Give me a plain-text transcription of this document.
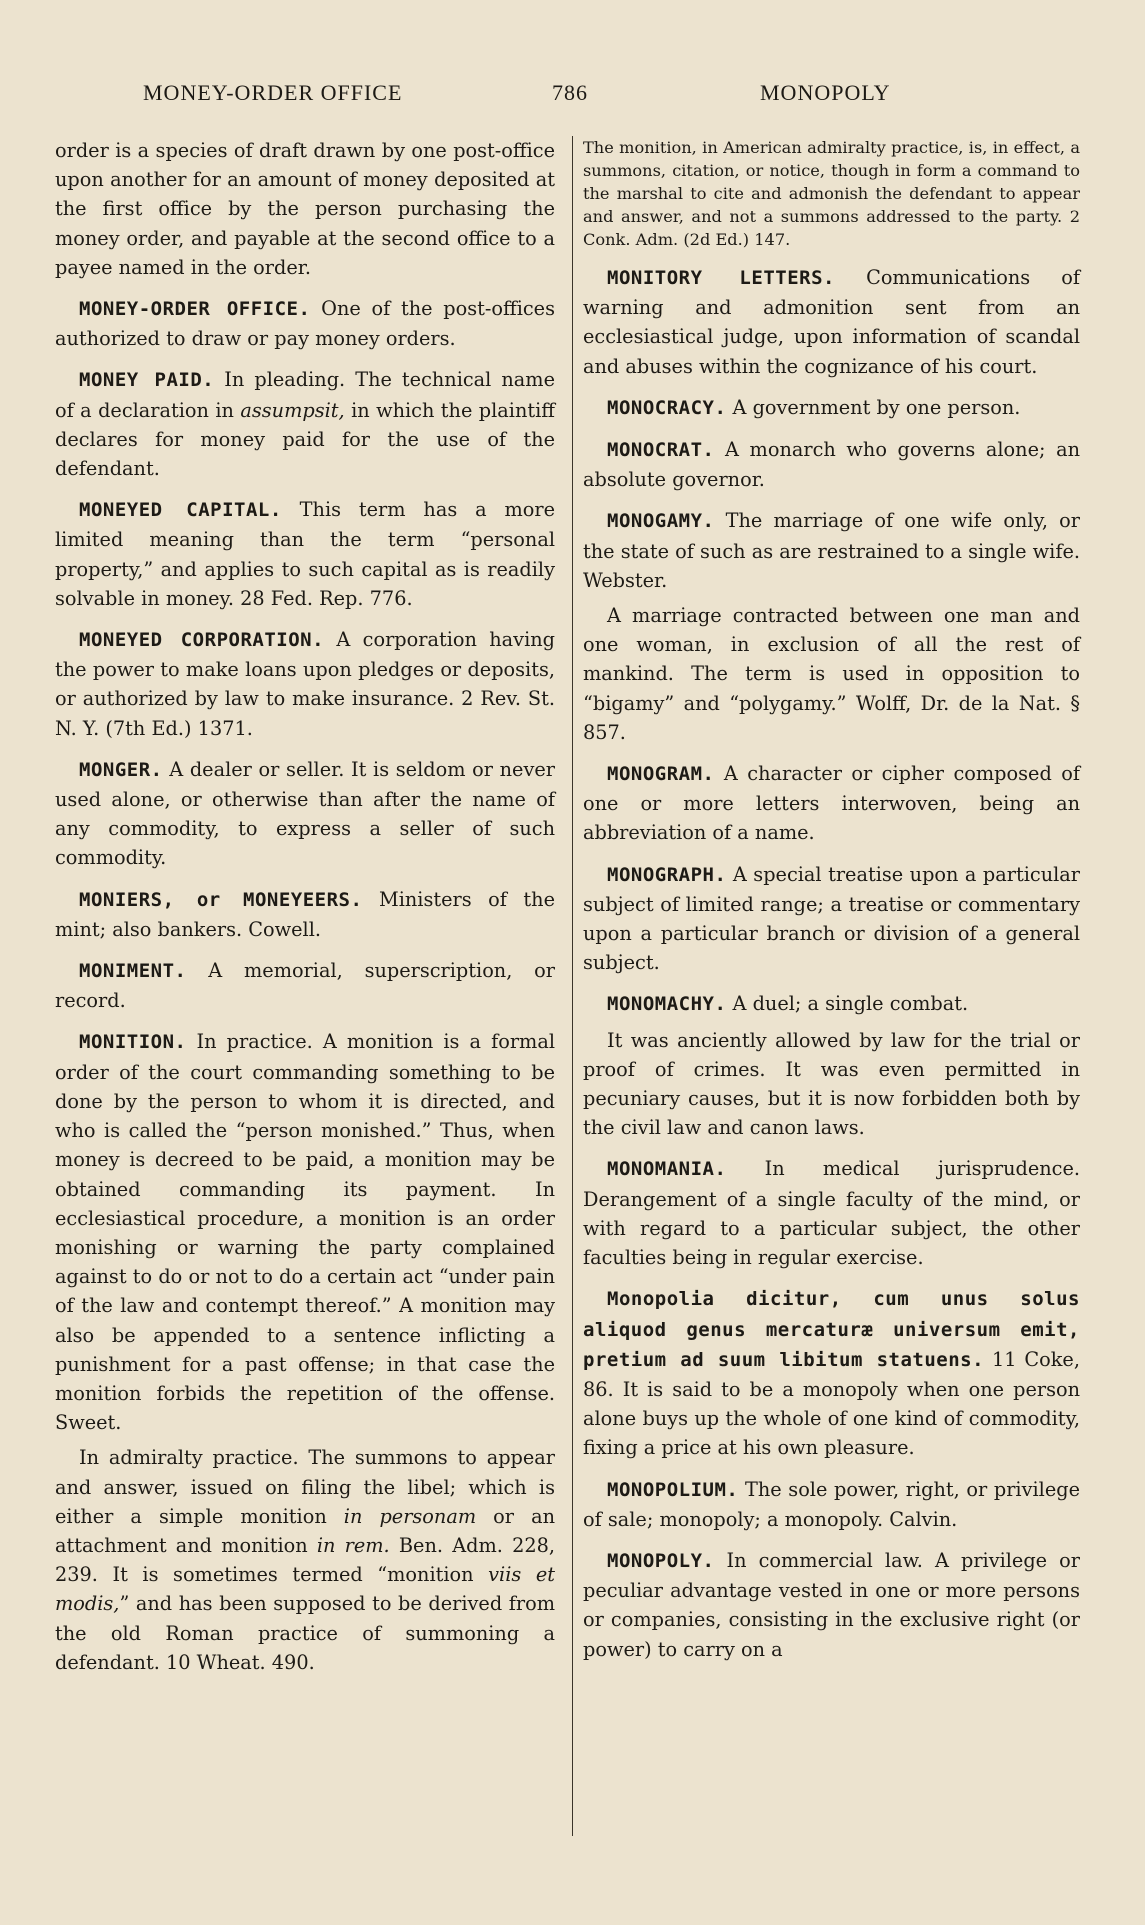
MONEY-ORDER OFFICE	786	MONOPOLY

order is a species of draft drawn by one post-office upon another for an amount of money deposited at the first office by the person purchasing the money order, and payable at the second office to a payee named in the order.

MONEY-ORDER OFFICE. One of the post-offices authorized to draw or pay money orders.

MONEY PAID. In pleading. The technical name of a declaration in assumpsit, in which the plaintiff declares for money paid for the use of the defendant.

MONEYED CAPITAL. This term has a more limited meaning than the term “personal property,” and applies to such capital as is readily solvable in money. 28 Fed. Rep. 776.

MONEYED CORPORATION. A corporation having the power to make loans upon pledges or deposits, or authorized by law to make insurance. 2 Rev. St. N. Y. (7th Ed.) 1371.

MONGER. A dealer or seller. It is seldom or never used alone, or otherwise than after the name of any commodity, to express a seller of such commodity.

MONIERS, or MONEYEERS. Ministers of the mint; also bankers. Cowell.

MONIMENT. A memorial, superscription, or record.

MONITION. In practice. A monition is a formal order of the court commanding something to be done by the person to whom it is directed, and who is called the “person monished.” Thus, when money is decreed to be paid, a monition may be obtained commanding its payment. In ecclesiastical procedure, a monition is an order monishing or warning the party complained against to do or not to do a certain act “under pain of the law and contempt thereof.” A monition may also be appended to a sentence inflicting a punishment for a past offense; in that case the monition forbids the repetition of the offense. Sweet.

In admiralty practice. The summons to appear and answer, issued on filing the libel; which is either a simple monition in personam or an attachment and monition in rem. Ben. Adm. 228, 239. It is sometimes termed “monition viis et modis,” and has been supposed to be derived from the old Roman practice of summoning a defendant. 10 Wheat. 490.

The monition, in American admiralty practice, is, in effect, a summons, citation, or notice, though in form a command to the marshal to cite and admonish the defendant to appear and answer, and not a summons addressed to the party. 2 Conk. Adm. (2d Ed.) 147.

MONITORY LETTERS. Communications of warning and admonition sent from an ecclesiastical judge, upon information of scandal and abuses within the cognizance of his court.

MONOCRACY. A government by one person.

MONOCRAT. A monarch who governs alone; an absolute governor.

MONOGAMY. The marriage of one wife only, or the state of such as are restrained to a single wife. Webster.

A marriage contracted between one man and one woman, in exclusion of all the rest of mankind. The term is used in opposition to “bigamy” and “polygamy.” Wolff, Dr. de la Nat. § 857.

MONOGRAM. A character or cipher composed of one or more letters interwoven, being an abbreviation of a name.

MONOGRAPH. A special treatise upon a particular subject of limited range; a treatise or commentary upon a particular branch or division of a general subject.

MONOMACHY. A duel; a single combat.

It was anciently allowed by law for the trial or proof of crimes. It was even permitted in pecuniary causes, but it is now forbidden both by the civil law and canon laws.

MONOMANIA. In medical jurisprudence. Derangement of a single faculty of the mind, or with regard to a particular subject, the other faculties being in regular exercise.

Monopolia dicitur, cum unus solus aliquod genus mercaturæ universum emit, pretium ad suum libitum statuens. 11 Coke, 86. It is said to be a monopoly when one person alone buys up the whole of one kind of commodity, fixing a price at his own pleasure.

MONOPOLIUM. The sole power, right, or privilege of sale; monopoly; a monopoly. Calvin.

MONOPOLY. In commercial law. A privilege or peculiar advantage vested in one or more persons or companies, consisting in the exclusive right (or power) to carry on a
